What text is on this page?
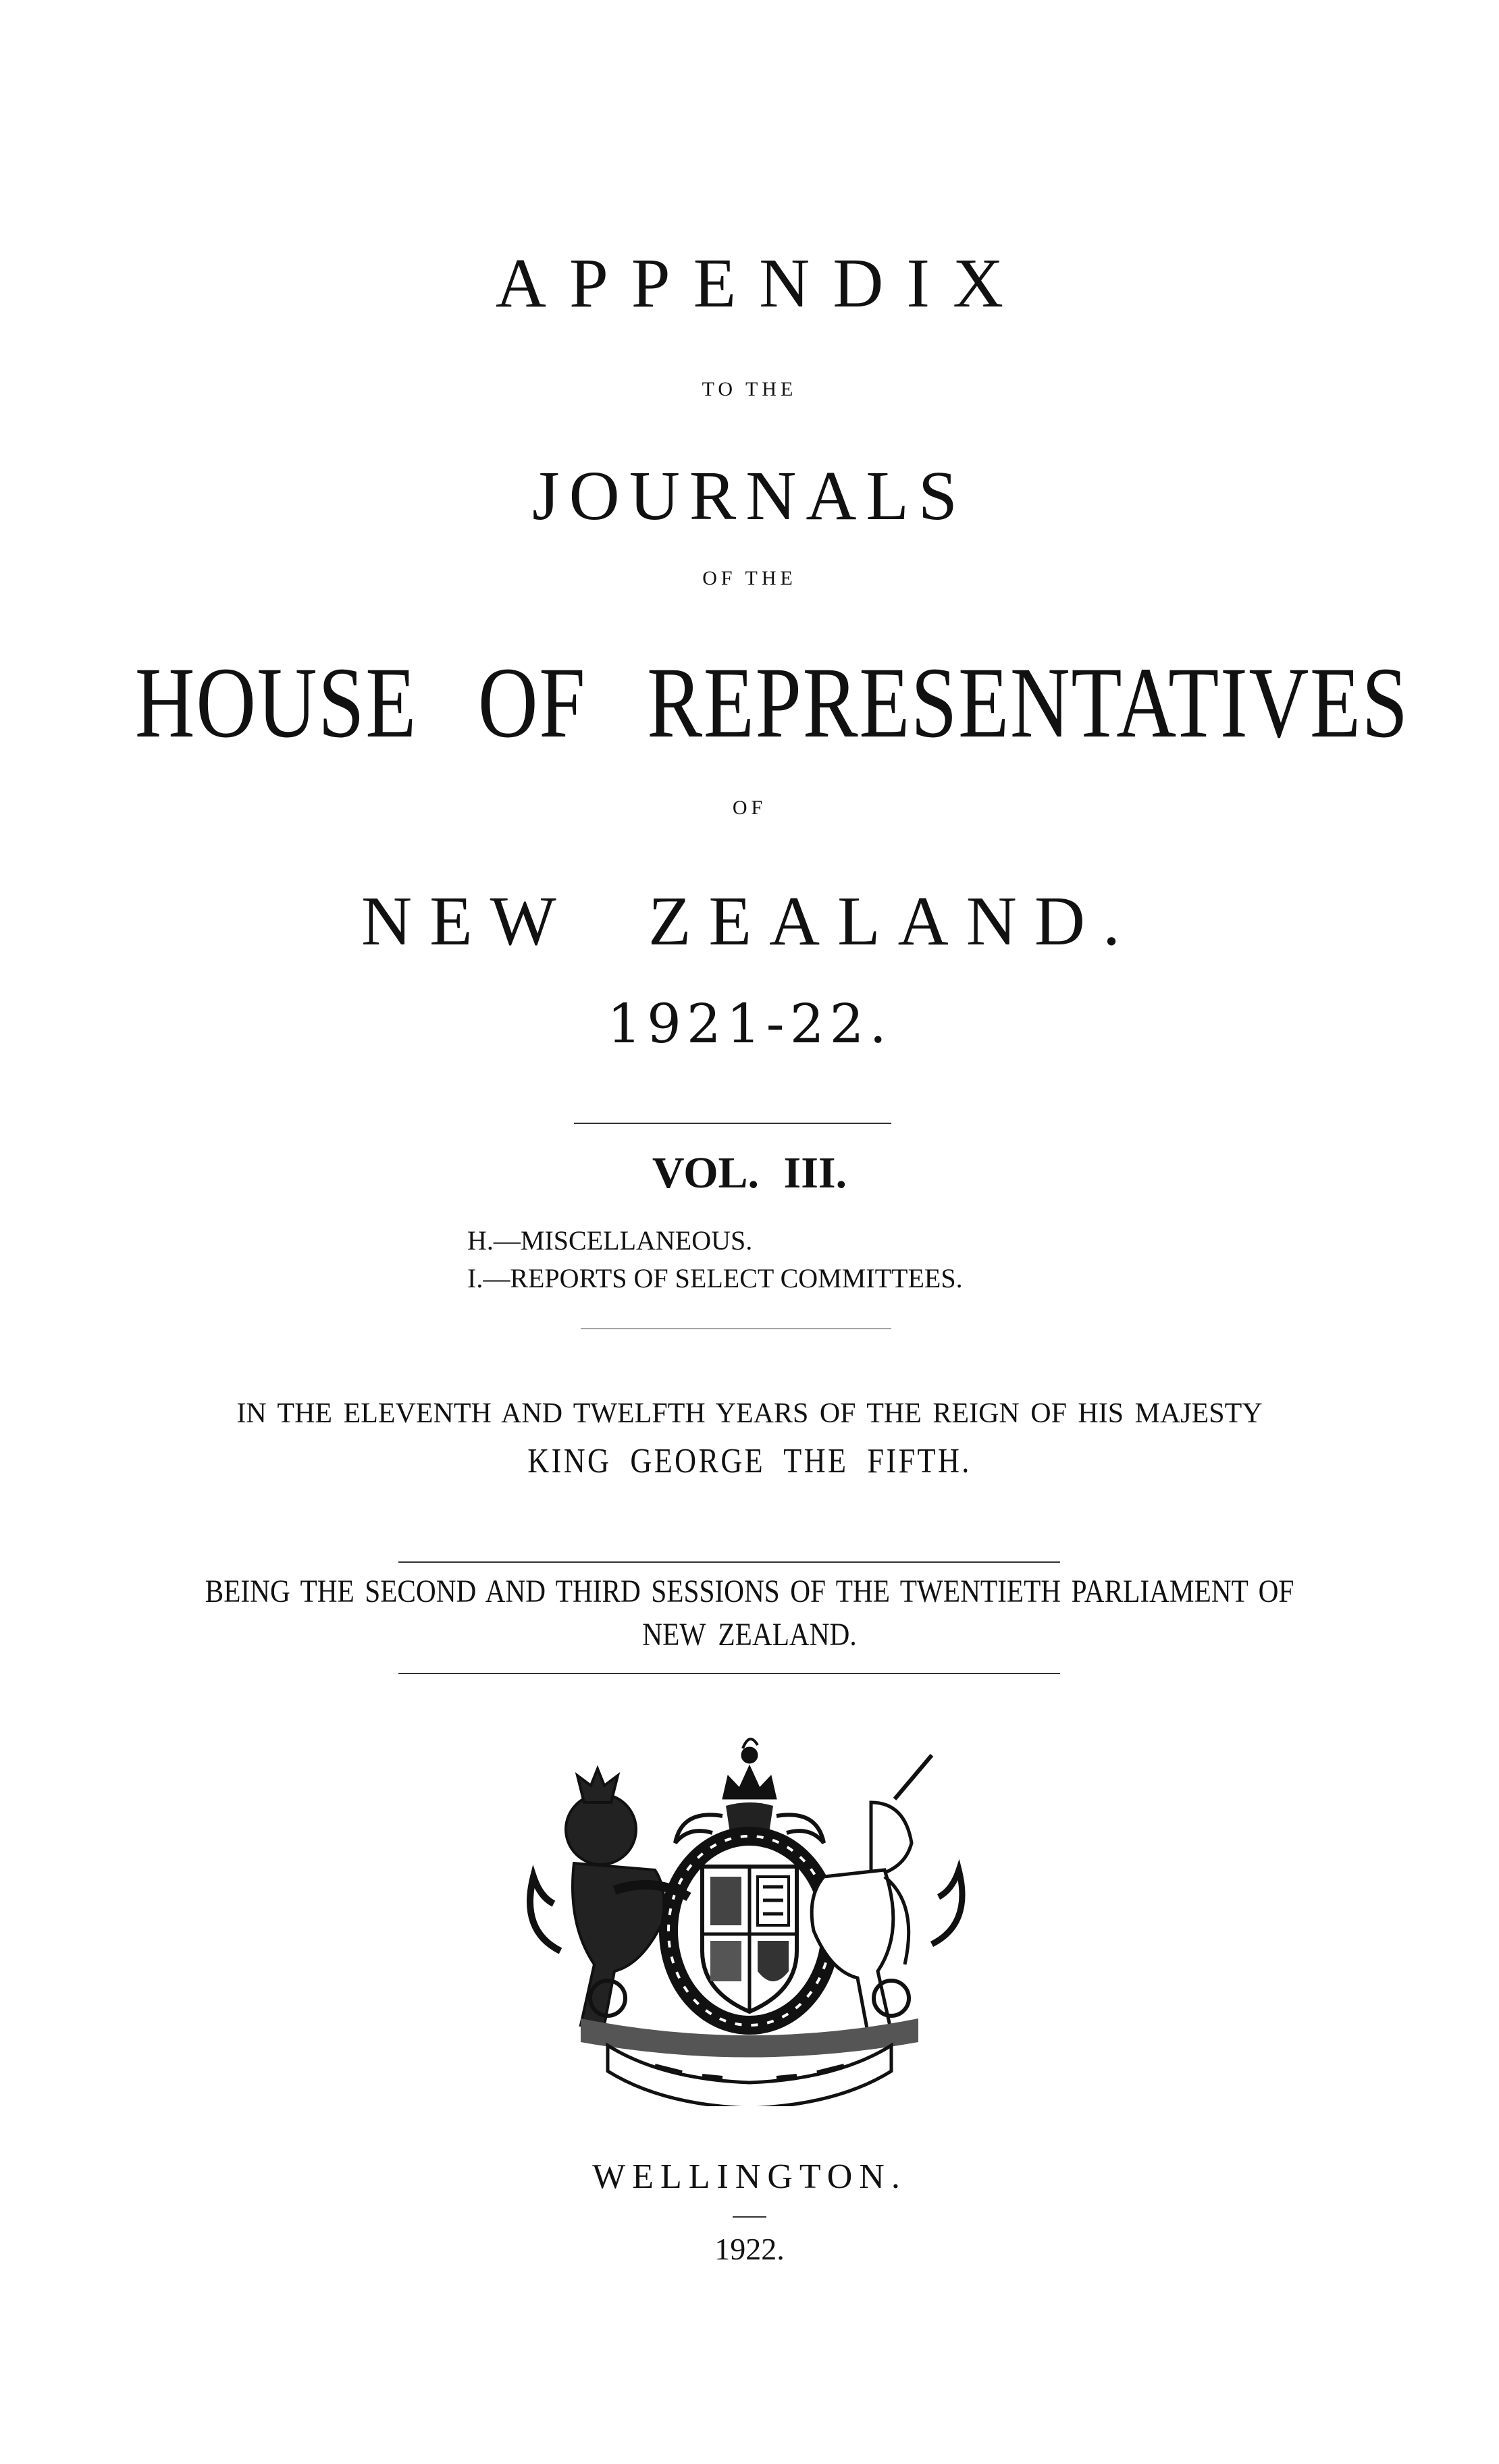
APPENDIX
TO THE
JOURNALS
OF THE
HOUSE OF REPRESENTATIVES
OF
NEW ZEALAND.
1921-22.
VOL. III.
H.—MISCELLANEOUS.
I.—REPORTS OF SELECT COMMITTEES.
IN THE ELEVENTH AND TWELFTH YEARS OF THE REIGN OF HIS MAJESTY
KING GEORGE THE FIFTH.
BEING THE SECOND AND THIRD SESSIONS OF THE TWENTIETH PARLIAMENT OF
NEW ZEALAND.
WELLINGTON.
1922.
